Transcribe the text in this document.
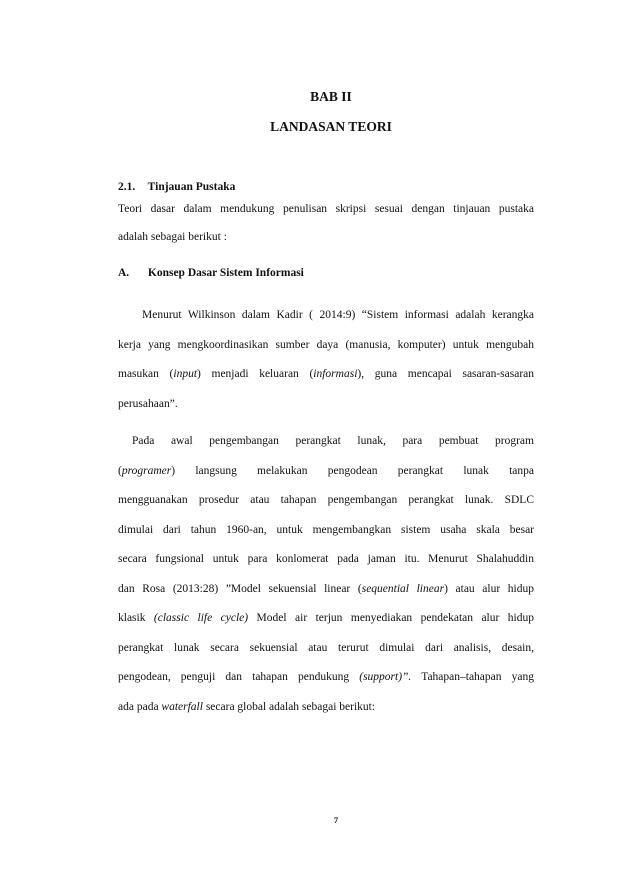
BAB II
LANDASAN TEORI
2.1. Tinjauan Pustaka
Teori dasar dalam mendukung penulisan skripsi sesuai dengan tinjauan pustaka
adalah sebagai berikut :
A. Konsep Dasar Sistem Informasi
Menurut Wilkinson dalam Kadir ( 2014:9) “Sistem informasi adalah kerangka
kerja yang mengkoordinasikan sumber daya (manusia, komputer) untuk mengubah
masukan (input) menjadi keluaran (informasi), guna mencapai sasaran-sasaran
perusahaan”.
Pada awal pengembangan perangkat lunak, para pembuat program
(programer) langsung melakukan pengodean perangkat lunak tanpa
mengguanakan prosedur atau tahapan pengembangan perangkat lunak. SDLC
dimulai dari tahun 1960-an, untuk mengembangkan sistem usaha skala besar
secara fungsional untuk para konlomerat pada jaman itu. Menurut Shalahuddin
dan Rosa (2013:28) ”Model sekuensial linear (sequential linear) atau alur hidup
klasik (classic life cycle) Model air terjun menyediakan pendekatan alur hidup
perangkat lunak secara sekuensial atau terurut dimulai dari analisis, desain,
pengodean, penguji dan tahapan pendukung (support)”. Tahapan–tahapan yang
ada pada waterfall secara global adalah sebagai berikut:
7
